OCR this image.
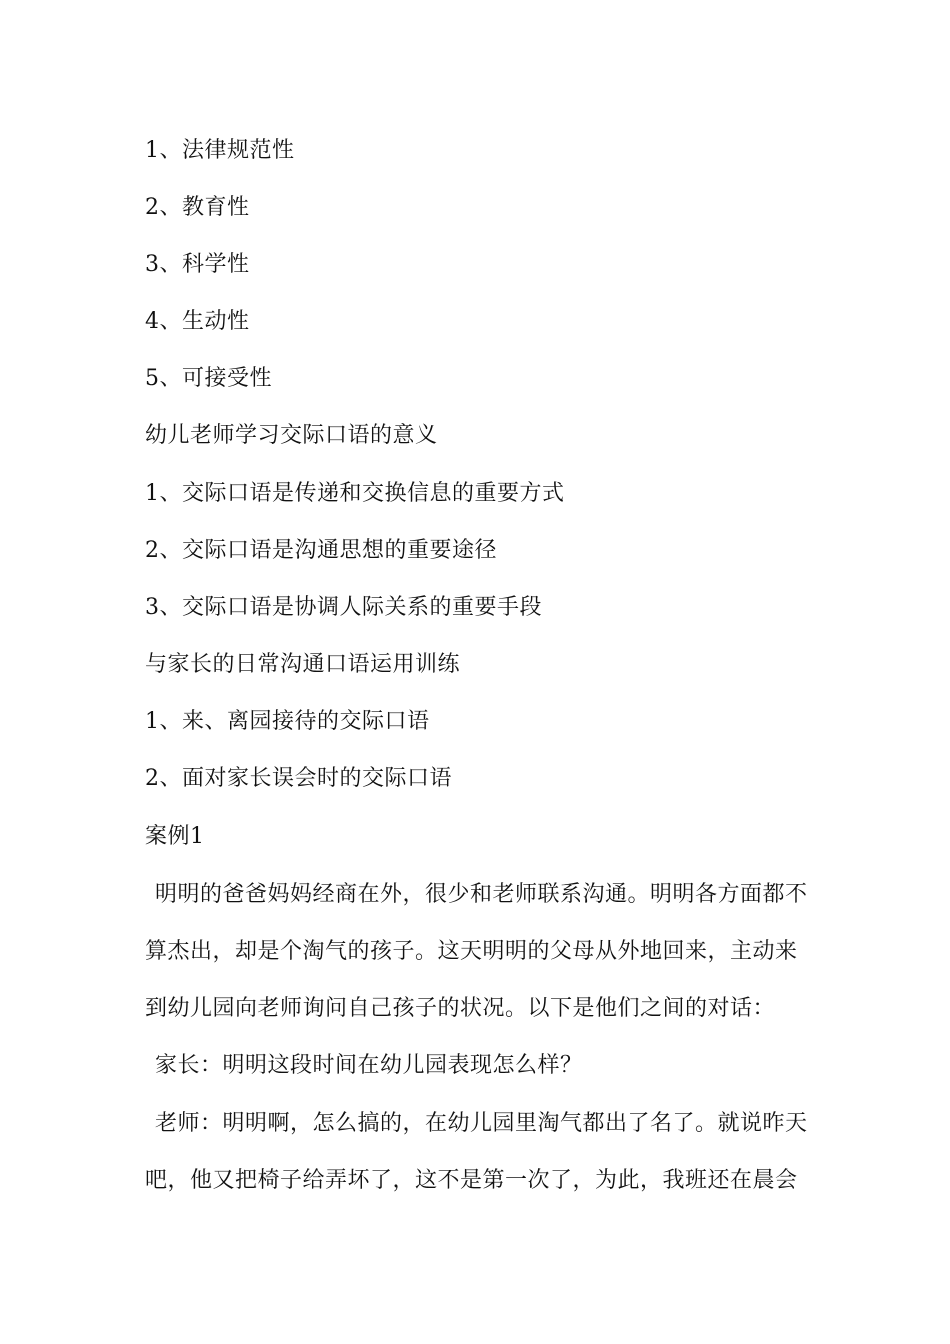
1、法律规范性
2、教育性
3、科学性
4、生动性
5、可接受性
幼儿老师学习交际口语的意义
1、交际口语是传递和交换信息的重要方式
2、交际口语是沟通思想的重要途径
3、交际口语是协调人际关系的重要手段
与家长的日常沟通口语运用训练
1、来、离园接待的交际口语
2、面对家长误会时的交际口语
案例1
明明的爸爸妈妈经商在外，很少和老师联系沟通。明明各方面都不
算杰出，却是个淘气的孩子。这天明明的父母从外地回来，主动来
到幼儿园向老师询问自己孩子的状况。以下是他们之间的对话：
家长：明明这段时间在幼儿园表现怎么样？
老师：明明啊，怎么搞的，在幼儿园里淘气都出了名了。就说昨天
吧，他又把椅子给弄坏了，这不是第一次了，为此，我班还在晨会
